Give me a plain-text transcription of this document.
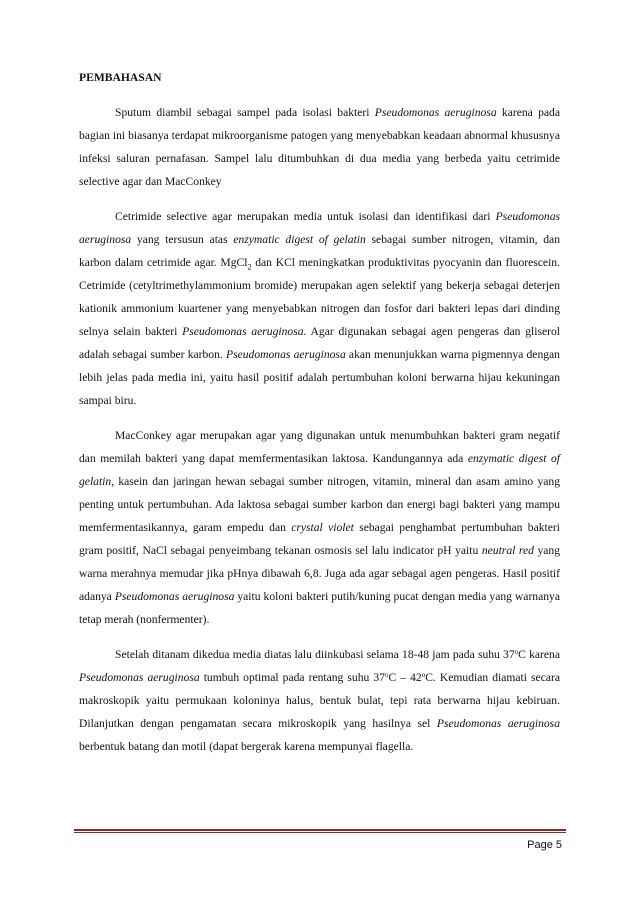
PEMBAHASAN

Sputum diambil sebagai sampel pada isolasi bakteri Pseudomonas aeruginosa karena pada bagian ini biasanya terdapat mikroorganisme patogen yang menyebabkan keadaan abnormal khususnya infeksi saluran pernafasan. Sampel lalu ditumbuhkan di dua media yang berbeda yaitu cetrimide selective agar dan MacConkey

Cetrimide selective agar merupakan media untuk isolasi dan identifikasi dari Pseudomonas aeruginosa yang tersusun atas enzymatic digest of gelatin sebagai sumber nitrogen, vitamin, dan karbon dalam cetrimide agar. MgCl$_2$ dan KCl meningkatkan produktivitas pyocyanin dan fluorescein. Cetrimide (cetyltrimethylammonium bromide) merupakan agen selektif yang bekerja sebagai deterjen kationik ammonium kuartener yang menyebabkan nitrogen dan fosfor dari bakteri lepas dari dinding selnya selain bakteri Pseudomonas aeruginosa. Agar digunakan sebagai agen pengeras dan gliserol adalah sebagai sumber karbon. Pseudomonas aeruginosa akan menunjukkan warna pigmennya dengan lebih jelas pada media ini, yaitu hasil positif adalah pertumbuhan koloni berwarna hijau kekuningan sampai biru.

MacConkey agar merupakan agar yang digunakan untuk menumbuhkan bakteri gram negatif dan memilah bakteri yang dapat memfermentasikan laktosa. Kandungannya ada enzymatic digest of gelatin, kasein dan jaringan hewan sebagai sumber nitrogen, vitamin, mineral dan asam amino yang penting untuk pertumbuhan. Ada laktosa sebagai sumber karbon dan energi bagi bakteri yang mampu memfermentasikannya, garam empedu dan crystal violet sebagai penghambat pertumbuhan bakteri gram positif, NaCl sebagai penyeimbang tekanan osmosis sel lalu indicator pH yaitu neutral red yang warna merahnya memudar jika pHnya dibawah 6,8. Juga ada agar sebagai agen pengeras. Hasil positif adanya Pseudomonas aeruginosa yaitu koloni bakteri putih/kuning pucat dengan media yang warnanya tetap merah (nonfermenter).

Setelah ditanam dikedua media diatas lalu diinkubasi selama 18-48 jam pada suhu 37$^o$C karena Pseudomonas aeruginosa tumbuh optimal pada rentang suhu 37$^o$C – 42$^o$C. Kemudian diamati secara makroskopik yaitu permukaan koloninya halus, bentuk bulat, tepi rata berwarna hijau kebiruan. Dilanjutkan dengan pengamatan secara mikroskopik yang hasilnya sel Pseudomonas aeruginosa berbentuk batang dan motil (dapat bergerak karena mempunyai flagella.

Page 5
